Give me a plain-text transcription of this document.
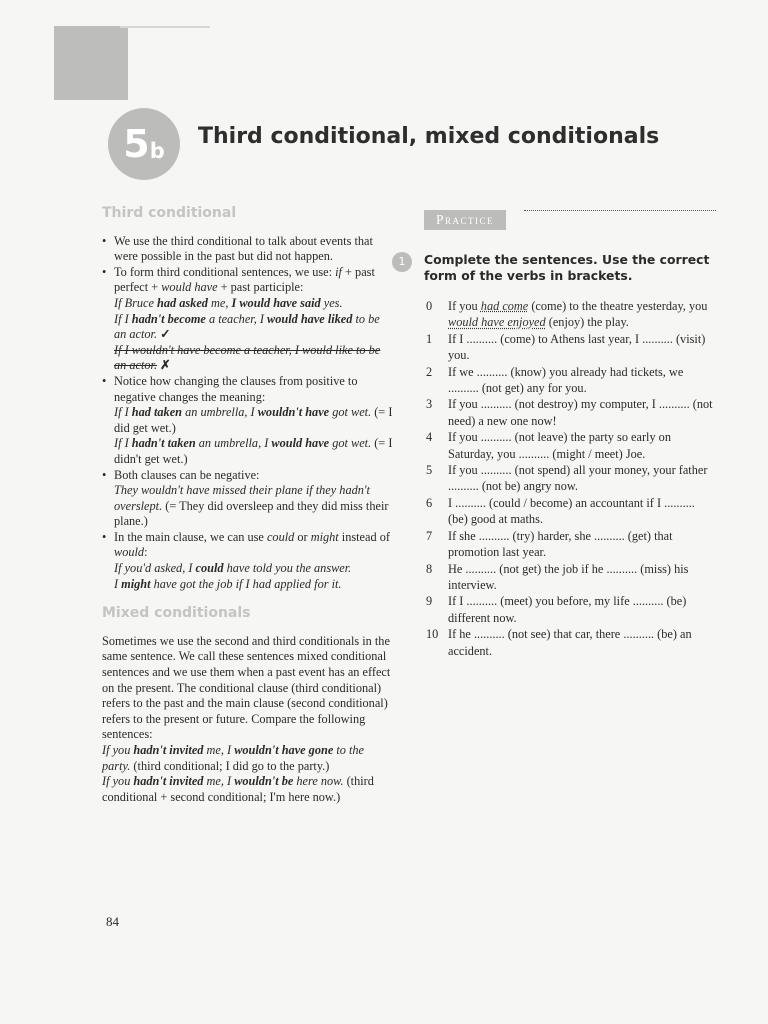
5 b
Third conditional, mixed conditionals
Third conditional
• We use the third conditional to talk about events that were possible in the past but did not happen.
• To form third conditional sentences, we use: if + past perfect + would have + past participle:
If Bruce had asked me, I would have said yes.
If I hadn't become a teacher, I would have liked to be an actor. ✓
If I wouldn't have become a teacher, I would like to be an actor. ✗
• Notice how changing the clauses from positive to negative changes the meaning:
If I had taken an umbrella, I wouldn't have got wet. (= I did get wet.)
If I hadn't taken an umbrella, I would have got wet. (= I didn't get wet.)
• Both clauses can be negative:
They wouldn't have missed their plane if they hadn't overslept. (= They did oversleep and they did miss their plane.)
• In the main clause, we can use could or might instead of would:
If you'd asked, I could have told you the answer.
I might have got the job if I had applied for it.
Mixed conditionals

Sometimes we use the second and third conditionals in the same sentence. We call these sentences mixed conditional sentences and we use them when a past event has an effect on the present. The conditional clause (third conditional) refers to the past and the main clause (second conditional) refers to the present or future. Compare the following sentences:

If you hadn't invited me, I wouldn't have gone to the party. (third conditional; I did go to the party.)

If you hadn't invited me, I wouldn't be here now. (third conditional + second conditional; I'm here now.)

Practice
1	Complete the sentences. Use the correct form of the verbs in brackets.

0 If you had come (come) to the theatre yesterday, you would have enjoyed (enjoy) the play.
1 If I .......... (come) to Athens last year, I .......... (visit) you.
2 If we .......... (know) you already had tickets, we .......... (not get) any for you.
3 If you .......... (not destroy) my computer, I .......... (not need) a new one now!
4 If you .......... (not leave) the party so early on Saturday, you .......... (might / meet) Joe.
5 If you .......... (not spend) all your money, your father .......... (not be) angry now.
6 I .......... (could / become) an accountant if I .......... (be) good at maths.
7 If she .......... (try) harder, she .......... (get) that promotion last year.
8 He .......... (not get) the job if he .......... (miss) his interview.
9 If I .......... (meet) you before, my life .......... (be) different now.
10 If he .......... (not see) that car, there .......... (be) an accident.
84
